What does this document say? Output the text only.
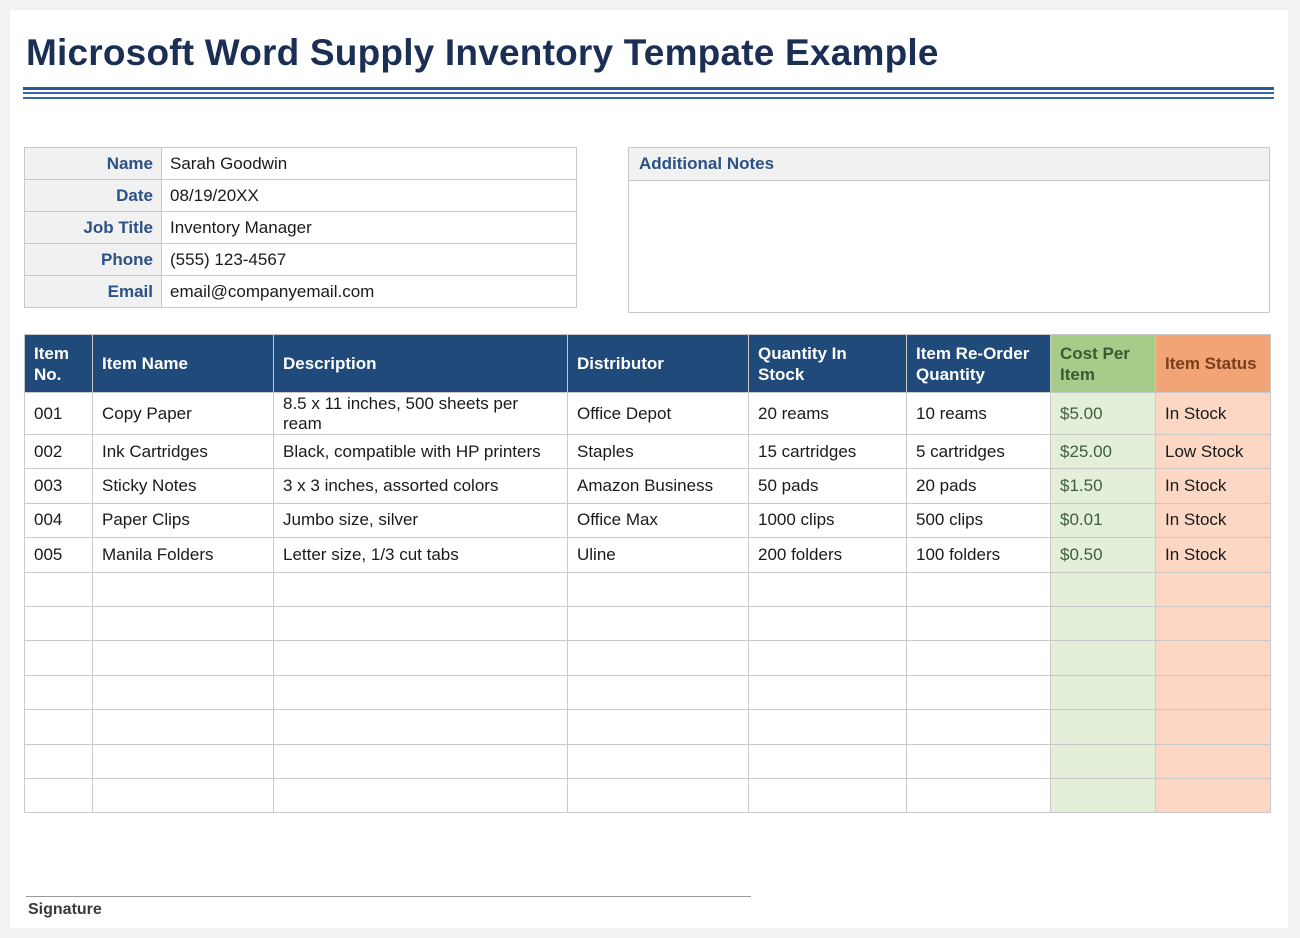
Microsoft Word Supply Inventory Tempate Example
Name	Sarah Goodwin
Date	08/19/20XX
Job Title	Inventory Manager
Phone	(555) 123-4567
Email	email@companyemail.com
Additional Notes
Item No.	Item Name	Description	Distributor	Quantity In Stock	Item Re-Order Quantity	Cost Per Item	Item Status
001	Copy Paper	8.5 x 11 inches, 500 sheets per ream	Office Depot	20 reams	10 reams	$5.00	In Stock
002	Ink Cartridges	Black, compatible with HP printers	Staples	15 cartridges	5 cartridges	$25.00	Low Stock
003	Sticky Notes	3 x 3 inches, assorted colors	Amazon Business	50 pads	20 pads	$1.50	In Stock
004	Paper Clips	Jumbo size, silver	Office Max	1000 clips	500 clips	$0.01	In Stock
005	Manila Folders	Letter size, 1/3 cut tabs	Uline	200 folders	100 folders	$0.50	In Stock

Signature
